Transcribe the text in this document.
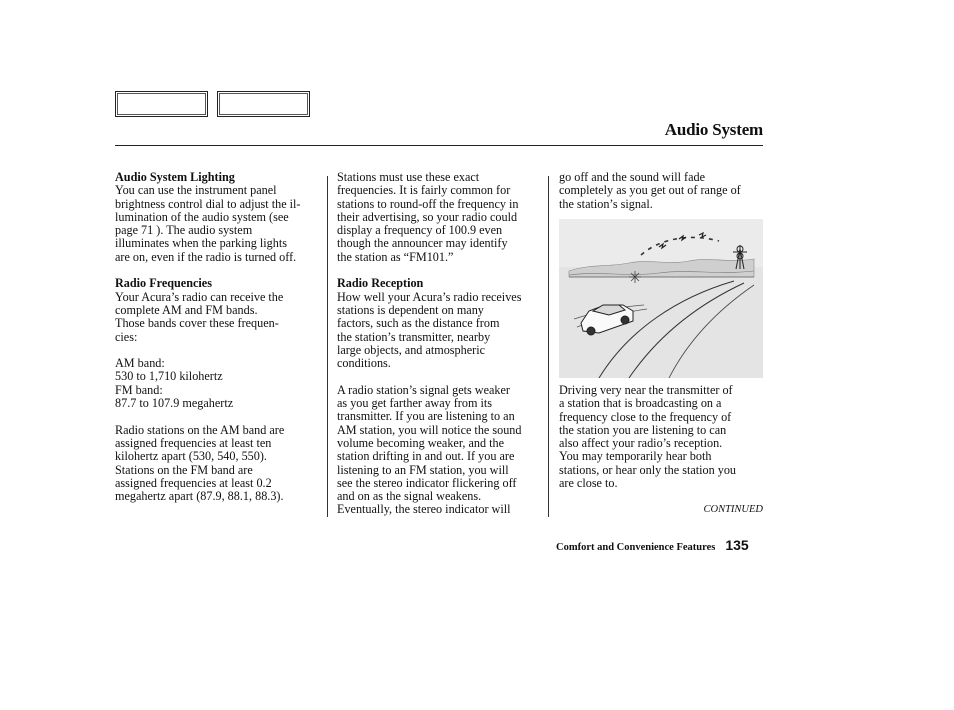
Audio System

Audio System Lighting

You can use the instrument panel
brightness control dial to adjust the il-
lumination of the audio system (see
page 71 ). The audio system
illuminates when the parking lights
are on, even if the radio is turned off.

Radio Frequencies

Your Acura’s radio can receive the
complete AM and FM bands.
Those bands cover these frequen-
cies:

AM band:
530 to 1,710 kilohertz
FM band:
87.7 to 107.9 megahertz

Radio stations on the AM band are
assigned frequencies at least ten
kilohertz apart (530, 540, 550).
Stations on the FM band are
assigned frequencies at least 0.2
megahertz apart (87.9, 88.1, 88.3).

Stations must use these exact
frequencies. It is fairly common for
stations to round-off the frequency in
their advertising, so your radio could
display a frequency of 100.9 even
though the announcer may identify
the station as “FM101.”

Radio Reception

How well your Acura’s radio receives
stations is dependent on many
factors, such as the distance from
the station’s transmitter, nearby
large objects, and atmospheric
conditions.

A radio station’s signal gets weaker
as you get farther away from its
transmitter. If you are listening to an
AM station, you will notice the sound
volume becoming weaker, and the
station drifting in and out. If you are
listening to an FM station, you will
see the stereo indicator flickering off
and on as the signal weakens.
Eventually, the stereo indicator will

go off and the sound will fade
completely as you get out of range of
the station’s signal.

Driving very near the transmitter of
a station that is broadcasting on a
frequency close to the frequency of
the station you are listening to can
also affect your radio’s reception.
You may temporarily hear both
stations, or hear only the station you
are close to.

CONTINUED
Comfort and Convenience Features 135
